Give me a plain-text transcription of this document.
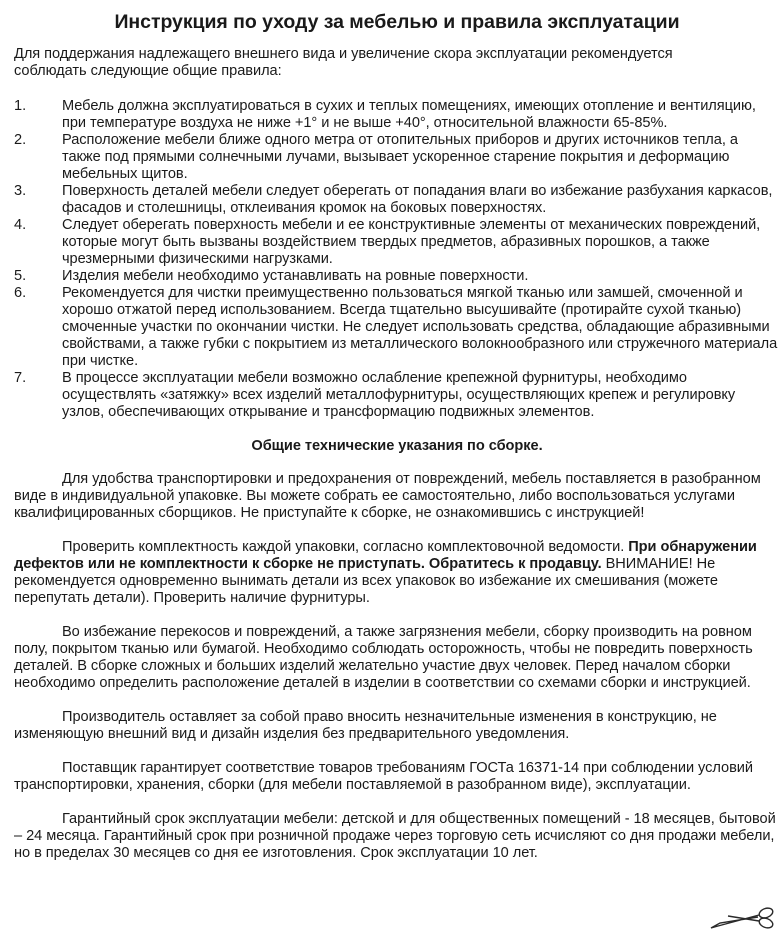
Инструкция по уходу за мебелью и правила эксплуатации
Для поддержания надлежащего внешнего вида и увеличение скора эксплуатации рекомендуется соблюдать следующие общие правила:
1.	Мебель должна эксплуатироваться в сухих и теплых помещениях, имеющих отопление и вентиляцию, при температуре воздуха не ниже +1° и не выше +40°, относительной влажности 65-85%.
2.	Расположение мебели ближе одного метра от отопительных приборов и других источников тепла, а также под прямыми солнечными лучами, вызывает ускоренное старение покрытия и деформацию мебельных щитов.
3.	Поверхность деталей мебели следует оберегать от попадания влаги во избежание разбухания каркасов, фасадов и столешницы, отклеивания кромок на боковых поверхностях.
4.	Следует оберегать поверхность мебели и ее конструктивные элементы от механических повреждений, которые могут быть вызваны воздействием твердых предметов, абразивных порошков, а также чрезмерными физическими нагрузками.
5.	Изделия мебели необходимо устанавливать на ровные поверхности.
6.	Рекомендуется для чистки преимущественно пользоваться мягкой тканью или замшей, смоченной и хорошо отжатой перед использованием. Всегда тщательно высушивайте (протирайте сухой тканью) смоченные участки по окончании чистки. Не следует использовать средства, обладающие абразивными свойствами, а также губки с покрытием из металлического волокнообразного или стружечного материала при чистке.
7.	В процессе эксплуатации мебели возможно ослабление крепежной фурнитуры, необходимо осуществлять «затяжку» всех изделий металлофурнитуры, осуществляющих крепеж и регулировку узлов, обеспечивающих открывание и трансформацию подвижных элементов.
Общие технические указания по сборке.
Для удобства транспортировки и предохранения от повреждений, мебель поставляется в разобранном виде в индивидуальной упаковке. Вы можете собрать ее самостоятельно, либо воспользоваться услугами квалифицированных сборщиков. Не приступайте к сборке, не ознакомившись с инструкцией!
Проверить комплектность каждой упаковки, согласно комплектовочной ведомости. При обнаружении дефектов или не комплектности к сборке не приступать. Обратитесь к продавцу. ВНИМАНИЕ! Не рекомендуется одновременно вынимать детали из всех упаковок во избежание их смешивания (можете перепутать детали). Проверить наличие фурнитуры.
Во избежание перекосов и повреждений, а также загрязнения мебели, сборку производить на ровном полу, покрытом тканью или бумагой. Необходимо соблюдать осторожность, чтобы не повредить поверхность деталей. В сборке сложных и больших изделий желательно участие двух человек. Перед началом сборки необходимо определить расположение деталей в изделии в соответствии со схемами сборки и инструкцией.
Производитель оставляет за собой право вносить незначительные изменения в конструкцию, не изменяющую внешний вид и дизайн изделия без предварительного уведомления.
Поставщик гарантирует соответствие товаров требованиям ГОСТа 16371-14 при соблюдении условий транспортировки, хранения, сборки (для мебели поставляемой в разобранном виде), эксплуатации.
Гарантийный срок эксплуатации мебели: детской и для общественных помещений - 18 месяцев, бытовой – 24 месяца. Гарантийный срок при розничной продаже через торговую сеть исчисляют со дня продажи мебели, но в пределах 30 месяцев со дня ее изготовления. Срок эксплуатации 10 лет.
